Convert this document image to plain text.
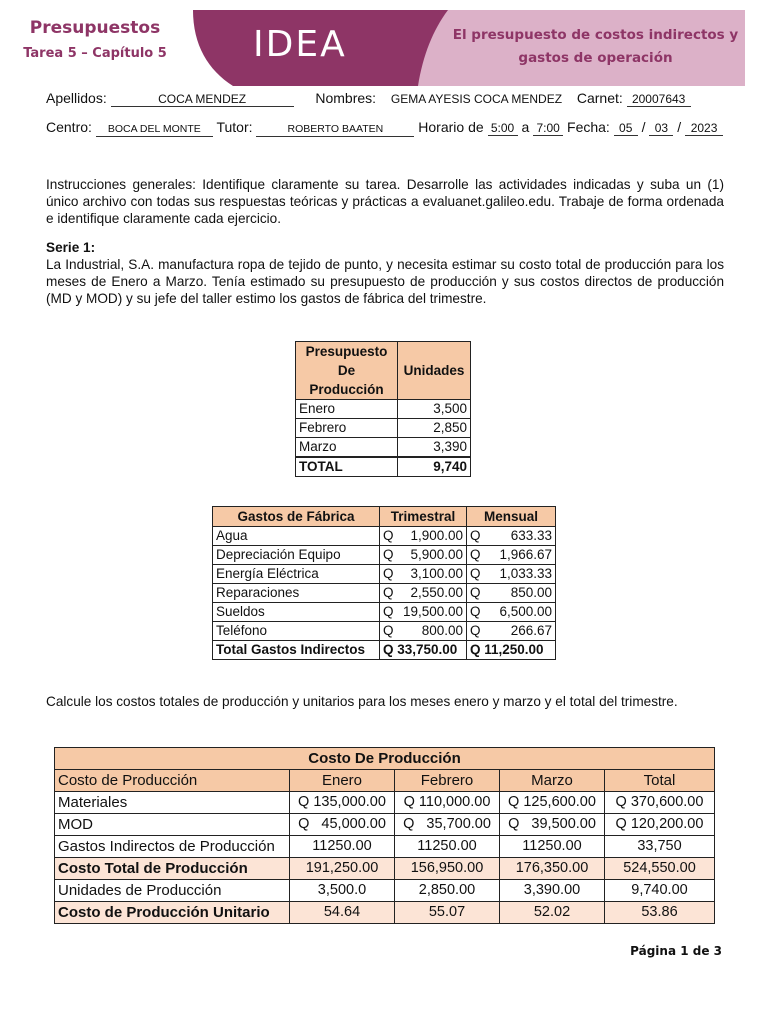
Presupuestos
Tarea 5 – Capítulo 5	IDEA	El presupuesto de costos indirectos y
gastos de operación
Apellidos:	COCA MENDEZ	Nombres: GEMA AYESIS COCA MENDEZ Carnet: 20007643
Centro: BOCA DEL MONTE Tutor:	ROBERTO BAATEN	Horario de 5:00 a 7:00 Fecha: 05 / 03 / 2023

Instrucciones generales: Identifique claramente su tarea. Desarrolle las actividades indicadas y suba un (1) único archivo con todas sus respuestas teóricas y prácticas a evaluanet.galileo.edu. Trabaje de forma ordenada e identifique claramente cada ejercicio.

Serie 1:

La Industrial, S.A. manufactura ropa de tejido de punto, y necesita estimar su costo total de producción para los meses de Enero a Marzo. Tenía estimado su presupuesto de producción y sus costos directos de producción (MD y MOD) y su jefe del taller estimo los gastos de fábrica del trimestre.

Presupuesto De Producción	Unidades
Enero	3,500
Febrero	2,850
Marzo	3,390
TOTAL	9,740
Gastos de Fábrica	Trimestral	Mensual
Agua	Q 1,900.00	Q 633.33

Depreciación Equipo	Q 5,900.00	Q 1,966.67

Energía Eléctrica	Q 3,100.00	Q 1,033.33

Reparaciones	Q 2,550.00	Q 850.00

Sueldos	Q 19,500.00	Q 6,500.00

Teléfono	Q 800.00	Q 266.67

Total Gastos Indirectos	Q 33,750.00	Q 11,250.00
Calcule los costos totales de producción y unitarios para los meses enero y marzo y el total del trimestre.
Costo De Producción				
Costo de Producción	Enero	Febrero	Marzo	Total
Materiales	Q 135,000.00	Q 110,000.00	Q 125,600.00	Q 370,600.00
MOD	Q   45,000.00	Q   35,700.00	Q   39,500.00	Q 120,200.00
Gastos Indirectos de Producción	11250.00	11250.00	11250.00	33,750
Costo Total de Producción	191,250.00	156,950.00	176,350.00	524,550.00
Unidades de Producción	3,500.0	2,850.00	3,390.00	9,740.00
Costo de Producción Unitario	54.64	55.07	52.02	53.86
Página 1 de 3
